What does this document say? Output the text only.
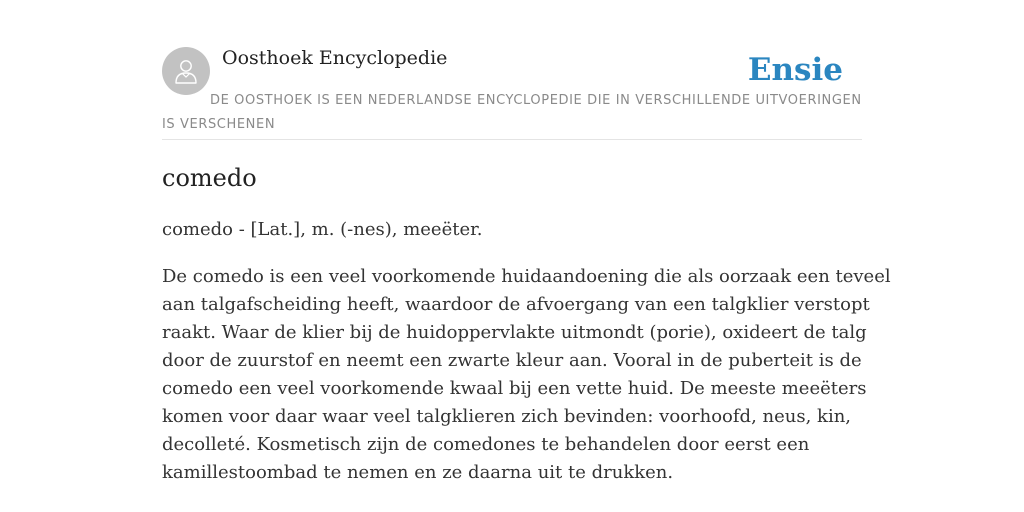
Oosthoek Encyclopedie	Ensie

DE OOSTHOEK IS EEN NEDERLANDSE ENCYCLOPEDIE DIE IN VERSCHILLENDE UITVOERINGEN IS VERSCHENEN

comedo

comedo - [Lat.], m. (-nes), meeëter.

De comedo is een veel voorkomende huidaandoening die als oorzaak een teveel
aan talgafscheiding heeft, waardoor de afvoergang van een talgklier verstopt
raakt. Waar de klier bij de huidoppervlakte uitmondt (porie), oxideert de talg
door de zuurstof en neemt een zwarte kleur aan. Vooral in de puberteit is de
comedo een veel voorkomende kwaal bij een vette huid. De meeste meeëters
komen voor daar waar veel talgklieren zich bevinden: voorhoofd, neus, kin,
decolleté. Kosmetisch zijn de comedones te behandelen door eerst een
kamillestoombad te nemen en ze daarna uit te drukken.
